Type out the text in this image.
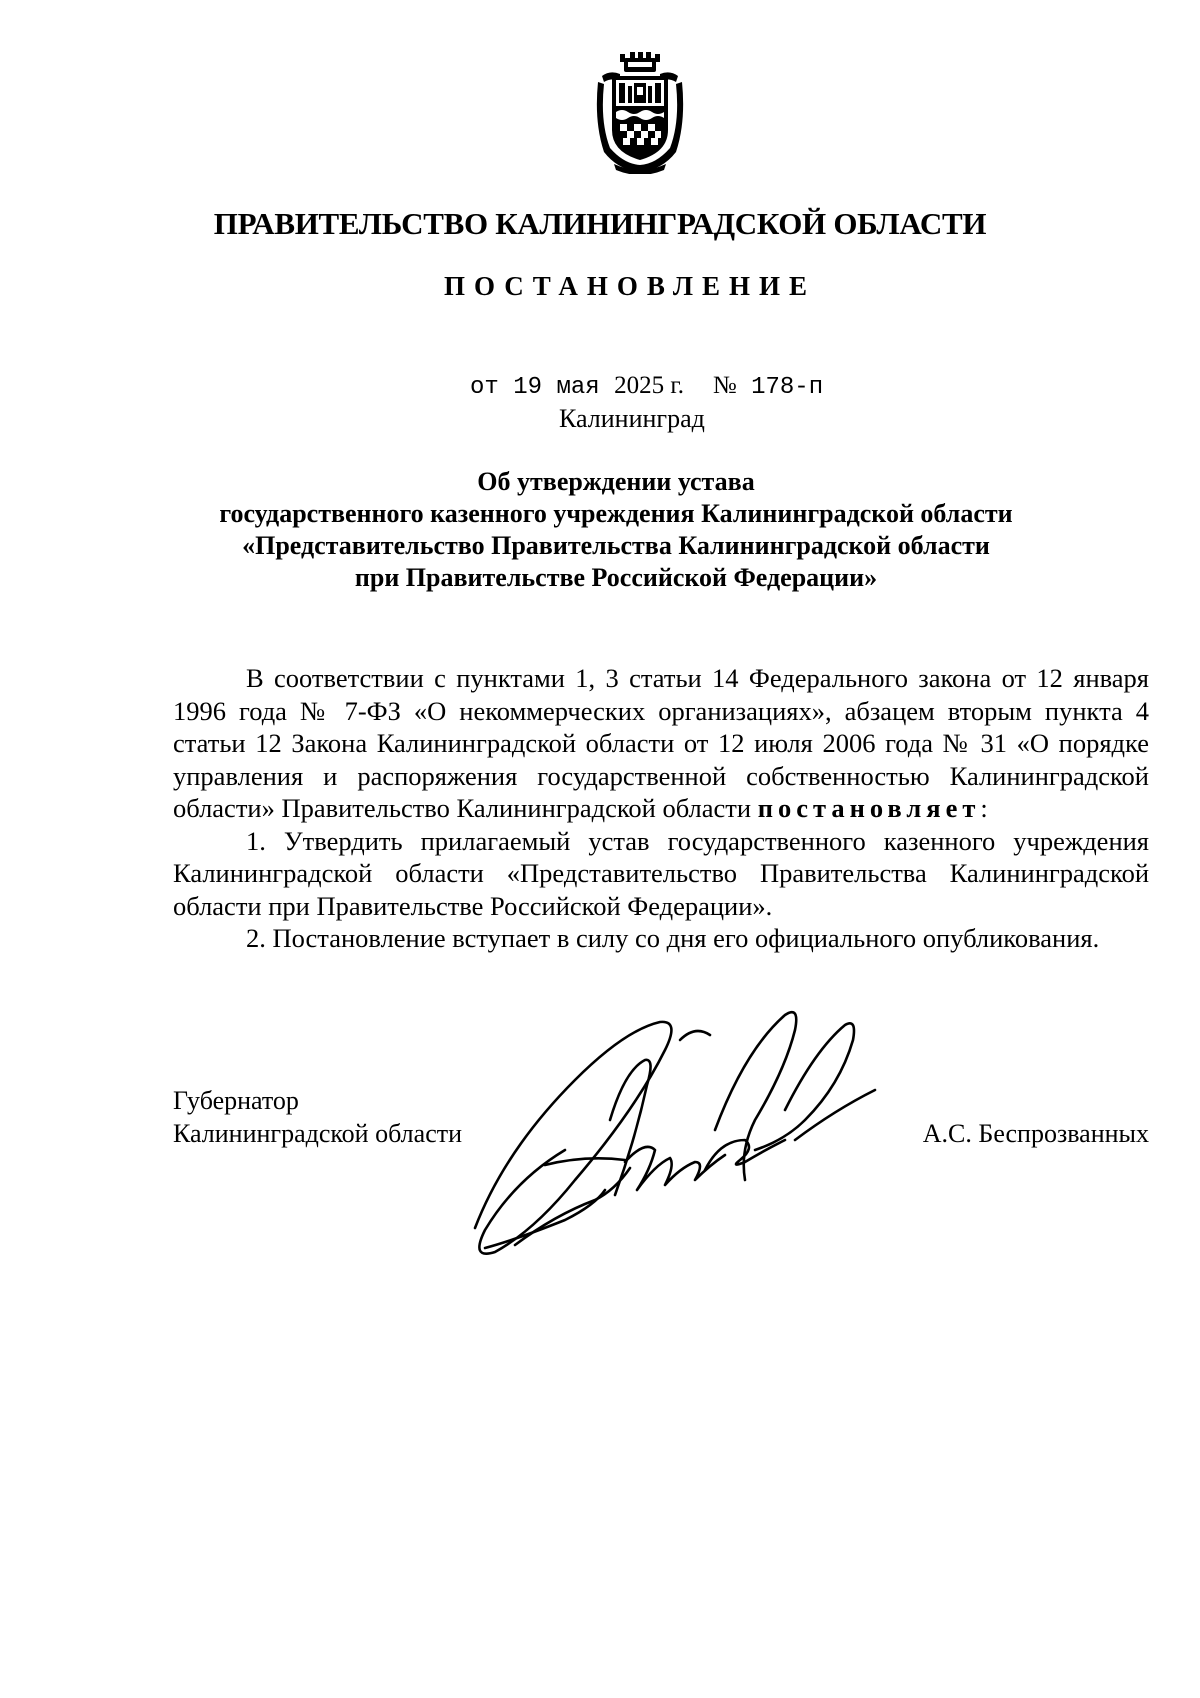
ПРАВИТЕЛЬСТВО КАЛИНИНГРАДСКОЙ ОБЛАСТИ
ПОСТАНОВЛЕНИЕ
от 19 мая 2025 г. № 178-п
Калининград
Об утверждении устава
государственного казенного учреждения Калининградской области
«Представительство Правительства Калининградской области
при Правительстве Российской Федерации»

В соответствии с пунктами 1, 3 статьи 14 Федерального закона от 12 января 1996 года № 7-ФЗ «О некоммерческих организациях», абзацем вторым пункта 4 статьи 12 Закона Калининградской области от 12 июля 2006 года № 31 «О порядке управления и распоряжения государственной собственностью Калининградской области» Правительство Калининградской области постановляет:

1. Утвердить прилагаемый устав государственного казенного учреждения Калининградской области «Представительство Правительства Калининградской области при Правительстве Российской Федерации».

2. Постановление вступает в силу со дня его официального опубликования.

Губернатор
Калининградской области	А.С. Беспрозванных
